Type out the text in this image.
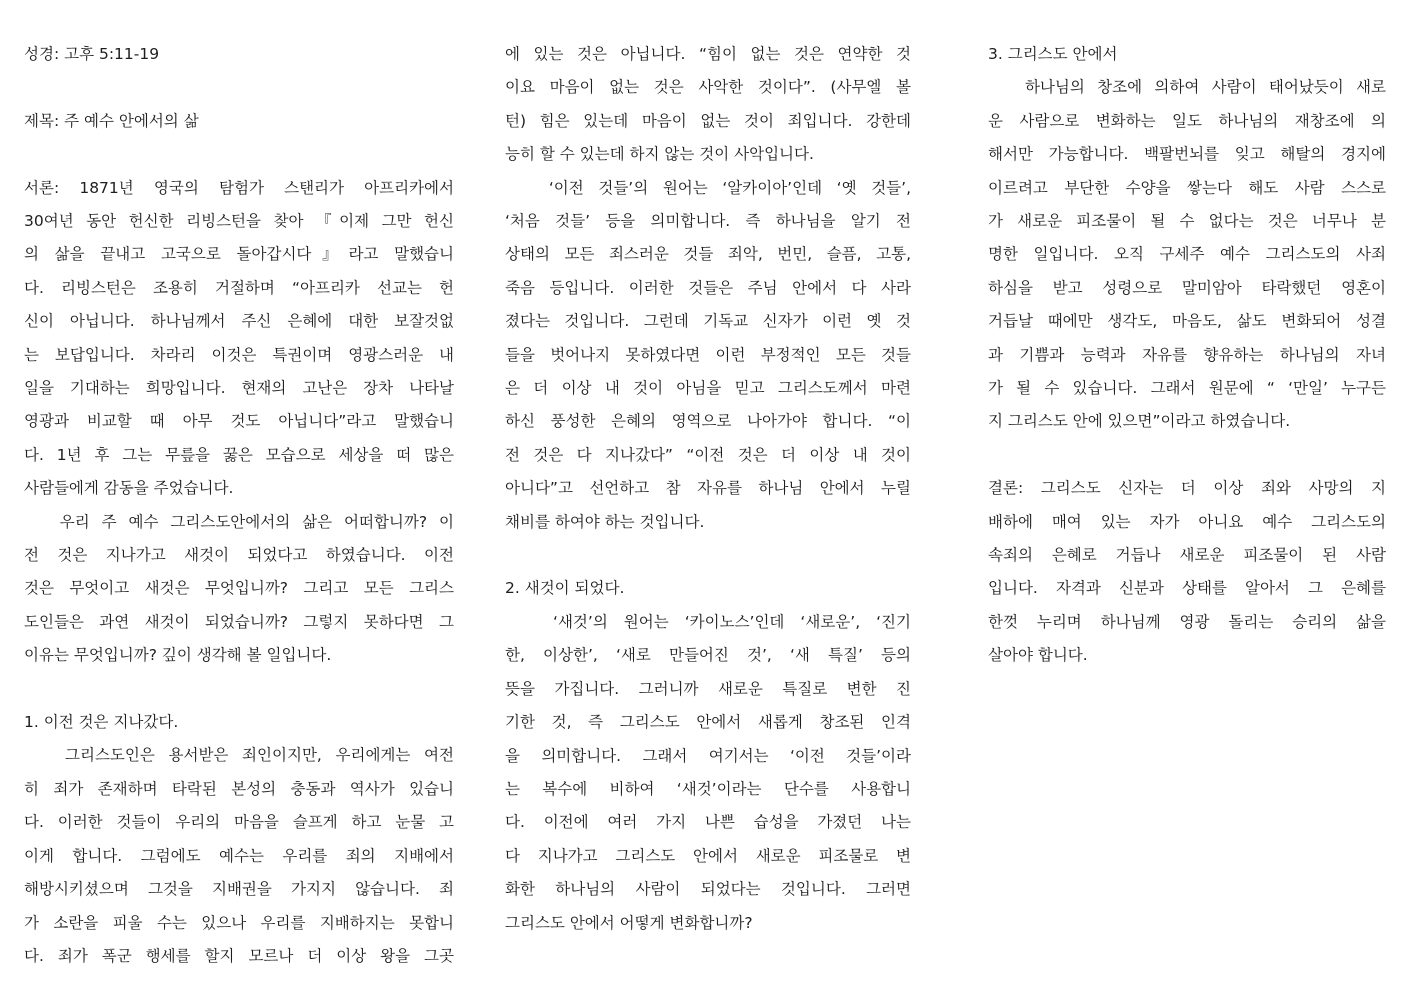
성경: 고후 5:11-19
제목: 주 예수 안에서의 삶
서론: 1871년 영국의 탐험가 스탠리가 아프리카에서
30여년 동안 헌신한 리빙스턴을 찾아 『이제 그만 헌신
의 삶을 끝내고 고국으로 돌아갑시다』라고 말했습니
다. 리빙스턴은 조용히 거절하며 “아프리카 선교는 헌
신이 아닙니다. 하나님께서 주신 은혜에 대한 보잘것없
는 보답입니다. 차라리 이것은 특권이며 영광스러운 내
일을 기대하는 희망입니다. 현재의 고난은 장차 나타날
영광과 비교할 때 아무 것도 아닙니다”라고 말했습니
다. 1년 후 그는 무릎을 꿇은 모습으로 세상을 떠 많은
사람들에게 감동을 주었습니다.
우리 주 예수 그리스도안에서의 삶은 어떠합니까? 이
전 것은 지나가고 새것이 되었다고 하였습니다. 이전
것은 무엇이고 새것은 무엇입니까? 그리고 모든 그리스
도인들은 과연 새것이 되었습니까? 그렇지 못하다면 그
이유는 무엇입니까? 깊이 생각해 볼 일입니다.
1. 이전 것은 지나갔다.
그리스도인은 용서받은 죄인이지만, 우리에게는 여전
히 죄가 존재하며 타락된 본성의 충동과 역사가 있습니
다. 이러한 것들이 우리의 마음을 슬프게 하고 눈물 고
이게 합니다. 그럼에도 예수는 우리를 죄의 지배에서
해방시키셨으며 그것을 지배권을 가지지 않습니다. 죄
가 소란을 피울 수는 있으나 우리를 지배하지는 못합니
다. 죄가 폭군 행세를 할지 모르나 더 이상 왕을 그곳
에 있는 것은 아닙니다. “힘이 없는 것은 연약한 것
이요 마음이 없는 것은 사악한 것이다”. (사무엘 볼
턴) 힘은 있는데 마음이 없는 것이 죄입니다. 강한데
능히 할 수 있는데 하지 않는 것이 사악입니다.
‘이전 것들’의 원어는 ‘알카이아’인데 ‘옛 것들’,
‘처음 것들’ 등을 의미합니다. 즉 하나님을 알기 전
상태의 모든 죄스러운 것들 죄악, 번민, 슬픔, 고통,
죽음 등입니다. 이러한 것들은 주님 안에서 다 사라
졌다는 것입니다. 그런데 기독교 신자가 이런 옛 것
들을 벗어나지 못하였다면 이런 부정적인 모든 것들
은 더 이상 내 것이 아님을 믿고 그리스도께서 마련
하신 풍성한 은혜의 영역으로 나아가야 합니다. “이
전 것은 다 지나갔다” “이전 것은 더 이상 내 것이
아니다”고 선언하고 참 자유를 하나님 안에서 누릴
채비를 하여야 하는 것입니다.
2. 새것이 되었다.
‘새것’의 원어는 ‘카이노스’인데 ‘새로운’, ‘진기
한, 이상한’, ‘새로 만들어진 것’, ‘새 특질’ 등의
뜻을 가집니다. 그러니까 새로운 특질로 변한 진
기한 것, 즉 그리스도 안에서 새롭게 창조된 인격
을 의미합니다. 그래서 여기서는 ‘이전 것들’이라
는 복수에 비하여 ‘새것’이라는 단수를 사용합니
다. 이전에 여러 가지 나쁜 습성을 가졌던 나는
다 지나가고 그리스도 안에서 새로운 피조물로 변
화한 하나님의 사람이 되었다는 것입니다. 그러면
그리스도 안에서 어떻게 변화합니까?
3. 그리스도 안에서
하나님의 창조에 의하여 사람이 태어났듯이 새로
운 사람으로 변화하는 일도 하나님의 재창조에 의
해서만 가능합니다. 백팔번뇌를 잊고 해탈의 경지에
이르려고 부단한 수양을 쌓는다 해도 사람 스스로
가 새로운 피조물이 될 수 없다는 것은 너무나 분
명한 일입니다. 오직 구세주 예수 그리스도의 사죄
하심을 받고 성령으로 말미암아 타락했던 영혼이
거듭날 때에만 생각도, 마음도, 삶도 변화되어 성결
과 기쁨과 능력과 자유를 향유하는 하나님의 자녀
가 될 수 있습니다. 그래서 원문에 “ ‘만일’ 누구든
지 그리스도 안에 있으면”이라고 하였습니다.
결론: 그리스도 신자는 더 이상 죄와 사망의 지
배하에 매여 있는 자가 아니요 예수 그리스도의
속죄의 은혜로 거듭나 새로운 피조물이 된 사람
입니다. 자격과 신분과 상태를 알아서 그 은혜를
한껏 누리며 하나님께 영광 돌리는 승리의 삶을
살아야 합니다.
